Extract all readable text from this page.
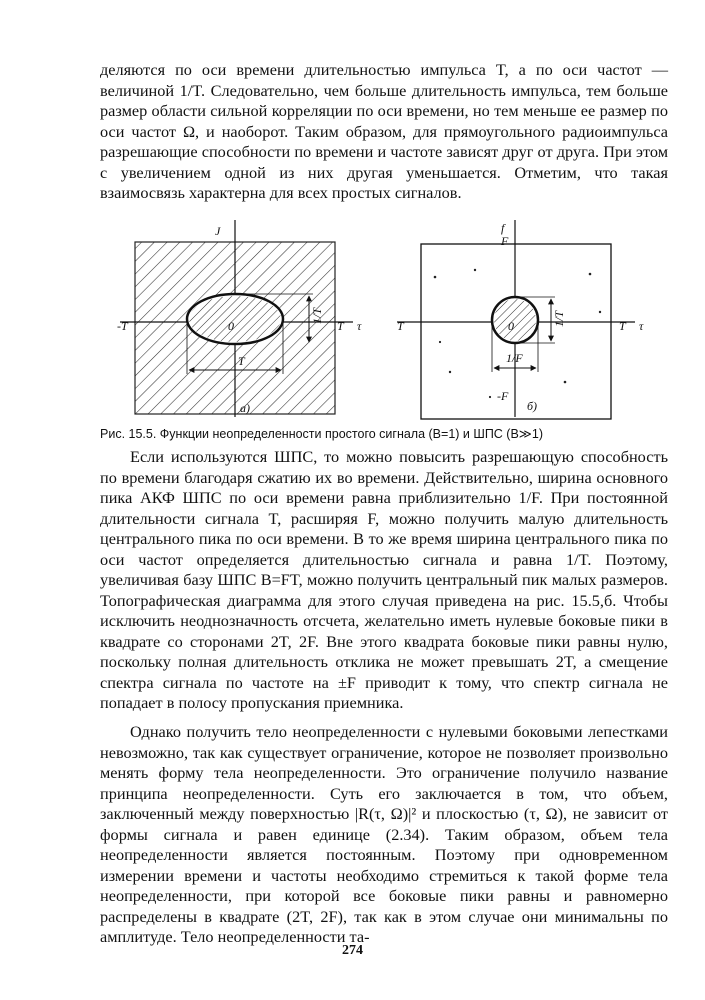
деляются по оси времени длительностью импульса T, а по оси частот — величиной 1/T. Следовательно, чем больше длительность импульса, тем больше размер области сильной корреляции по оси времени, но тем меньше ее размер по оси частот Ω, и наоборот. Таким образом, для прямоугольного радиоимпульса разрешающие способности по времени и частоте зависят друг от друга. При этом с увеличением одной из них другая уменьшается. Отметим, что такая взаимосвязь характерна для всех простых сигналов.

J
-T	T τ
0
T
1/T
а)
f
F
T	T τ
0
1/F
1/T
-F
б)
Рис. 15.5. Функции неопределенности простого сигнала (B=1) и ШПС (B≫1)

Если используются ШПС, то можно повысить разрешающую способность по времени благодаря сжатию их во времени. Действительно, ширина основного пика АКФ ШПС по оси времени равна приблизительно 1/F. При постоянной длительности сигнала T, расширяя F, можно получить малую длительность центрального пика по оси времени. В то же время ширина центрального пика по оси частот определяется длительностью сигнала и равна 1/T. Поэтому, увеличивая базу ШПС B=FT, можно получить центральный пик малых размеров. Топографическая диаграмма для этого случая приведена на рис. 15.5,б. Чтобы исключить неоднозначность отсчета, желательно иметь нулевые боковые пики в квадрате со сторонами 2T, 2F. Вне этого квадрата боковые пики равны нулю, поскольку полная длительность отклика не может превышать 2T, а смещение спектра сигнала по частоте на ±F приводит к тому, что спектр сигнала не попадает в полосу пропускания приемника.

Однако получить тело неопределенности с нулевыми боковыми лепестками невозможно, так как существует ограничение, которое не позволяет произвольно менять форму тела неопределенности. Это ограничение получило название принципа неопределенности. Суть его заключается в том, что объем, заключенный между поверхностью |R(τ, Ω)|² и плоскостью (τ, Ω), не зависит от формы сигнала и равен единице (2.34). Таким образом, объем тела неопределенности является постоянным. Поэтому при одновременном измерении времени и частоты необходимо стремиться к такой форме тела неопределенности, при которой все боковые пики равны и равномерно распределены в квадрате (2T, 2F), так как в этом случае они минимальны по амплитуде. Тело неопределенности та-

274
